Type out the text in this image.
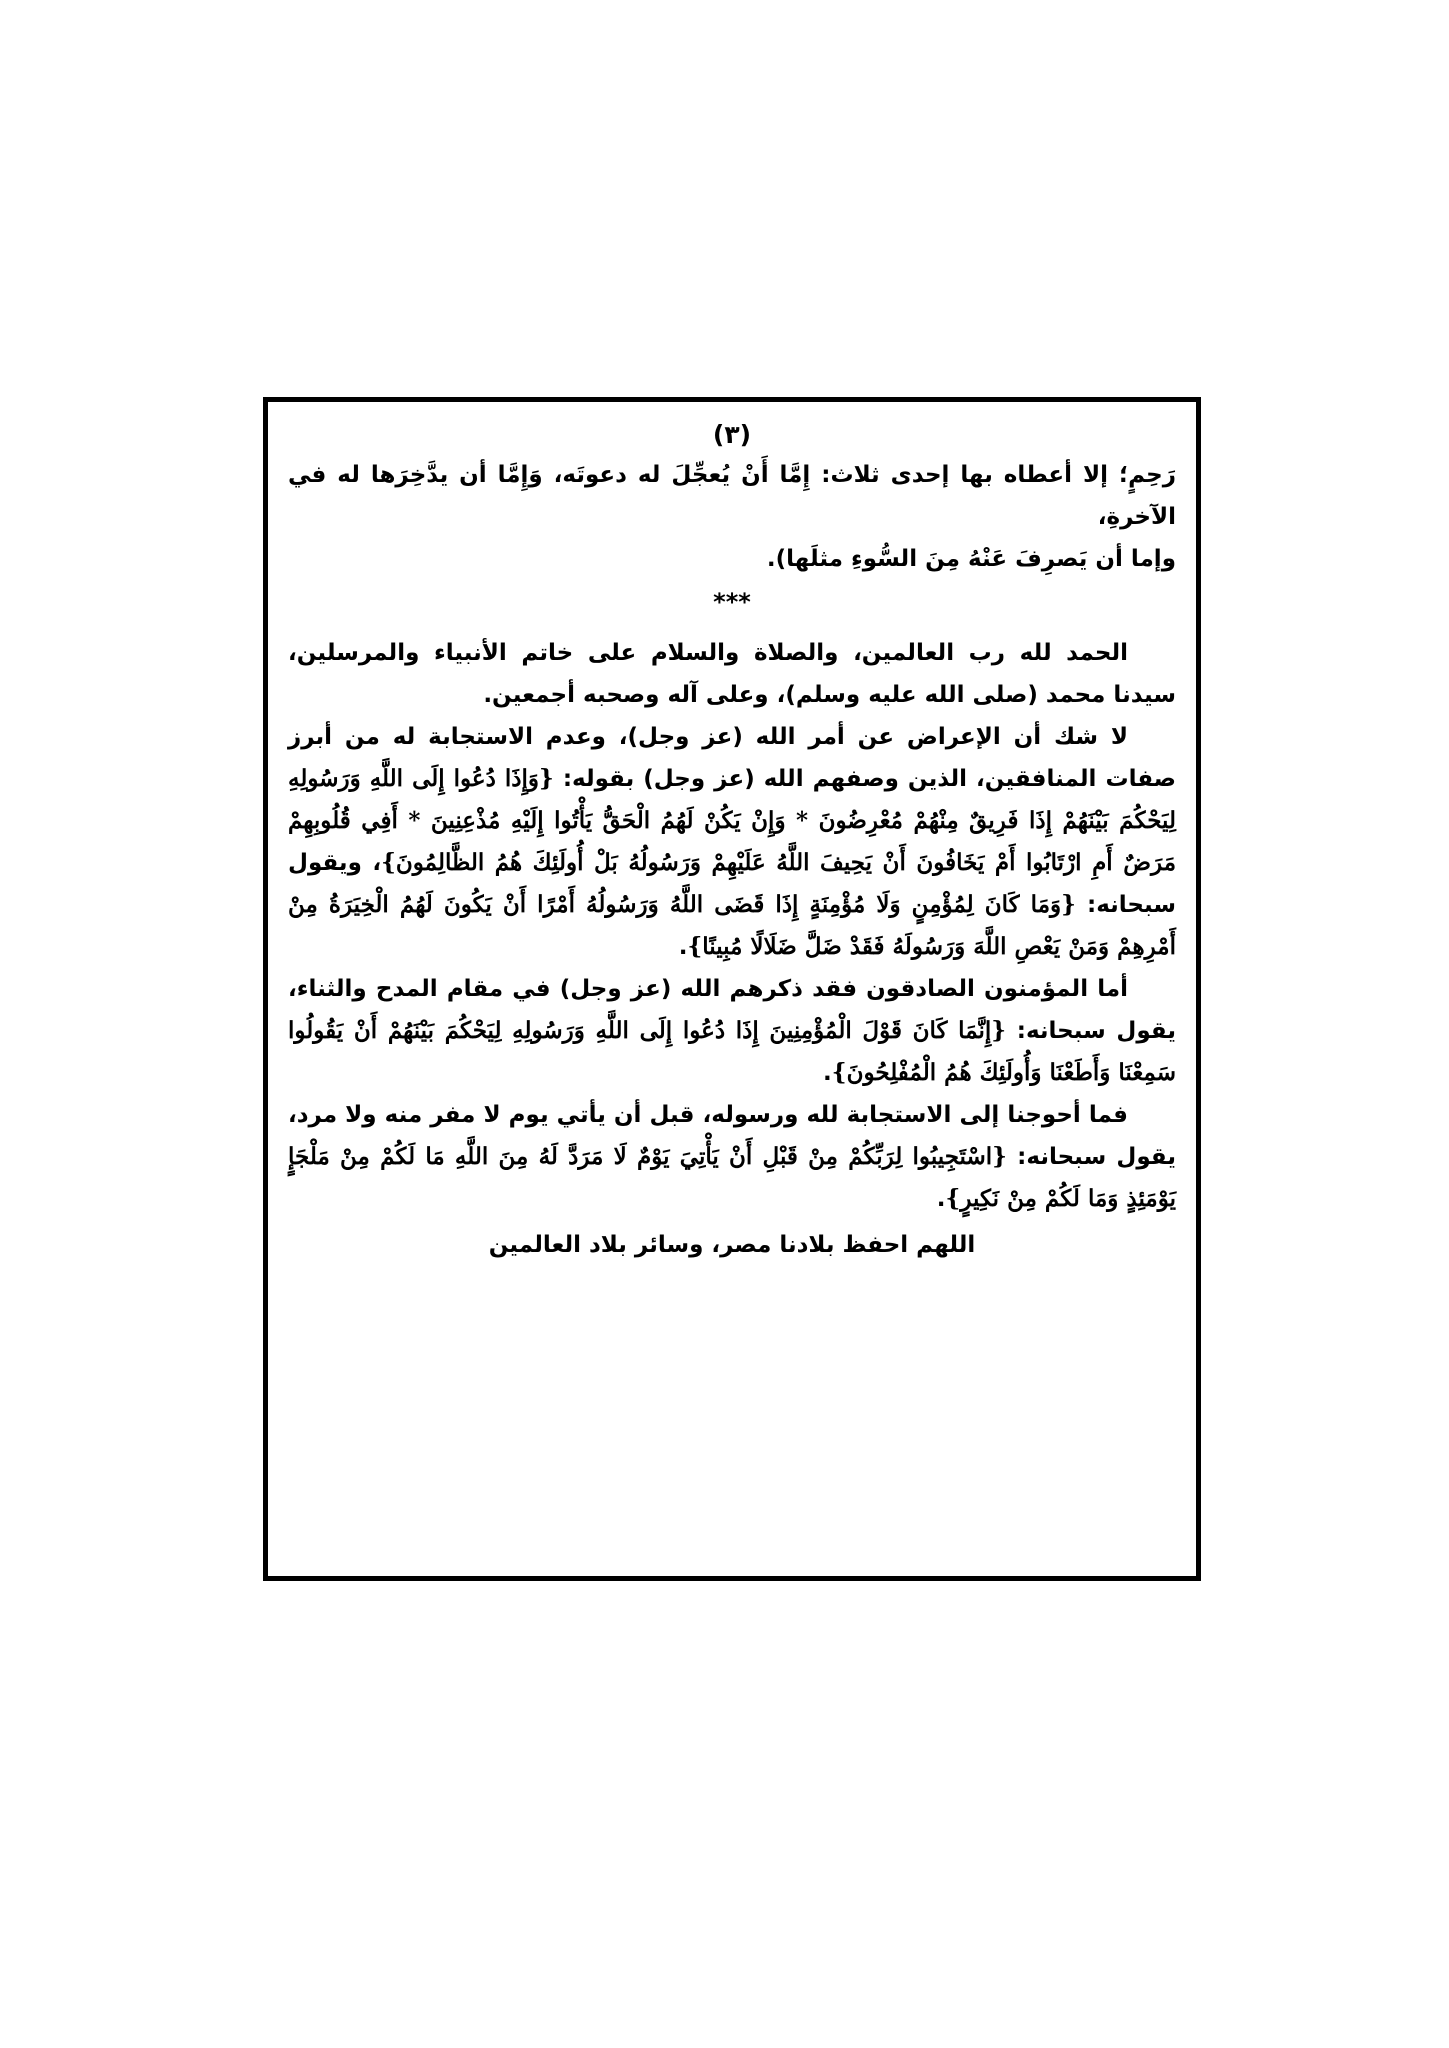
(٣)

رَحِمٍ؛ إلا أعطاه بها إحدى ثلاث: إِمَّا أَنْ يُعجِّلَ له دعوتَه، وَإِمَّا أن يدَّخِرَها له في الآخرةِ،

وإما أن يَصرِفَ عَنْهُ مِنَ السُّوءِ مثلَها).

***

الحمد لله رب العالمين، والصلاة والسلام على خاتم الأنبياء والمرسلين، سيدنا محمد (صلى الله عليه وسلم)، وعلى آله وصحبه أجمعين.

لا شك أن الإعراض عن أمر الله (عز وجل)، وعدم الاستجابة له من أبرز صفات المنافقين، الذين وصفهم الله (عز وجل) بقوله: {وَإِذَا دُعُوا إِلَى اللَّهِ وَرَسُولِهِ لِيَحْكُمَ بَيْنَهُمْ إِذَا فَرِيقٌ مِنْهُمْ مُعْرِضُونَ * وَإِنْ يَكُنْ لَهُمُ الْحَقُّ يَأْتُوا إِلَيْهِ مُذْعِنِينَ * أَفِي قُلُوبِهِمْ مَرَضٌ أَمِ ارْتَابُوا أَمْ يَخَافُونَ أَنْ يَحِيفَ اللَّهُ عَلَيْهِمْ وَرَسُولُهُ بَلْ أُولَئِكَ هُمُ الظَّالِمُونَ}، ويقول سبحانه: {وَمَا كَانَ لِمُؤْمِنٍ وَلَا مُؤْمِنَةٍ إِذَا قَضَى اللَّهُ وَرَسُولُهُ أَمْرًا أَنْ يَكُونَ لَهُمُ الْخِيَرَةُ مِنْ أَمْرِهِمْ وَمَنْ يَعْصِ اللَّهَ وَرَسُولَهُ فَقَدْ ضَلَّ ضَلَالًا مُبِينًا}.

أما المؤمنون الصادقون فقد ذكرهم الله (عز وجل) في مقام المدح والثناء، يقول سبحانه: {إِنَّمَا كَانَ قَوْلَ الْمُؤْمِنِينَ إِذَا دُعُوا إِلَى اللَّهِ وَرَسُولِهِ لِيَحْكُمَ بَيْنَهُمْ أَنْ يَقُولُوا سَمِعْنَا وَأَطَعْنَا وَأُولَئِكَ هُمُ الْمُفْلِحُونَ}.

فما أحوجنا إلى الاستجابة لله ورسوله، قبل أن يأتي يوم لا مفر منه ولا مرد، يقول سبحانه: {اسْتَجِيبُوا لِرَبِّكُمْ مِنْ قَبْلِ أَنْ يَأْتِيَ يَوْمٌ لَا مَرَدَّ لَهُ مِنَ اللَّهِ مَا لَكُمْ مِنْ مَلْجَإٍ يَوْمَئِذٍ وَمَا لَكُمْ مِنْ نَكِيرٍ}.

اللهم احفظ بلادنا مصر، وسائر بلاد العالمين
